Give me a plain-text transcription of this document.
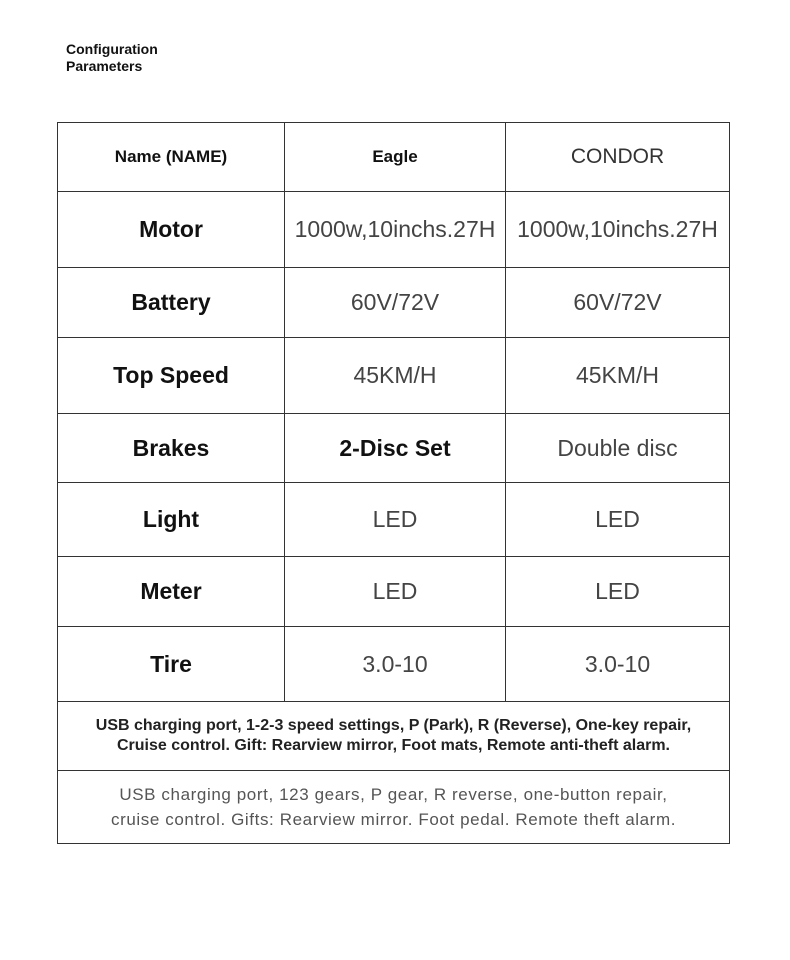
Configuration
Parameters
Name (NAME)	Eagle	CONDOR
Motor	1000w,10inchs.27H	1000w,10inchs.27H
Battery	60V/72V	60V/72V
Top Speed	45KM/H	45KM/H
Brakes	2-Disc Set	Double disc
Light	LED	LED
Meter	LED	LED
Tire	3.0-10	3.0-10

USB charging port, 1-2-3 speed settings, P (Park), R (Reverse), One-key repair,
Cruise control. Gift: Rearview mirror, Foot mats, Remote anti-theft alarm.		

USB charging port, 123 gears, P gear, R reverse, one-button repair,
cruise control. Gifts: Rearview mirror. Foot pedal. Remote theft alarm.		
